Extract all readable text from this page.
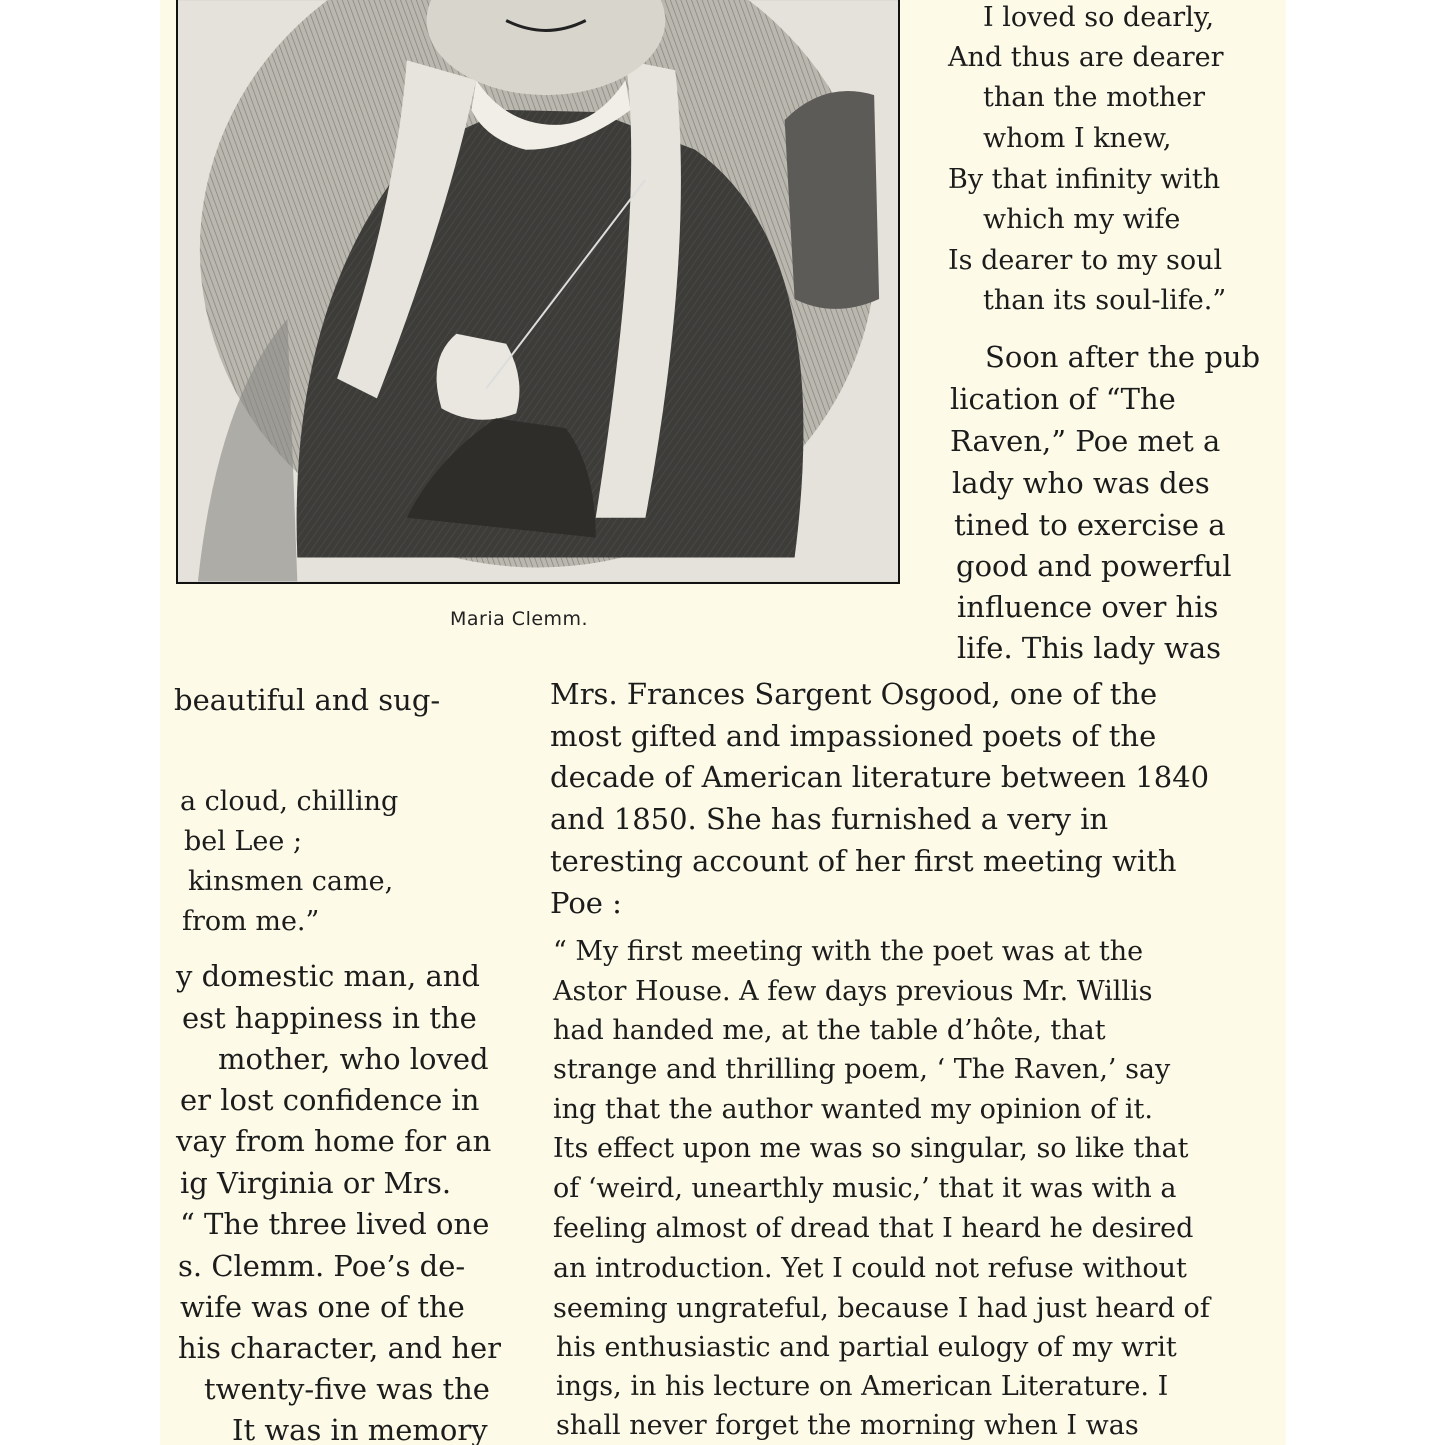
Maria Clemm.
I loved so dearly,
And thus are dearer
than the mother
whom I knew,
By that infinity with
which my wife
Is dearer to my soul
than its soul-life.”
Soon after the pub
lication of “The
Raven,” Poe met a
lady who was des
tined to exercise a
good and powerful
influence over his
life. This lady was
beautiful and sug-
a cloud, chilling
bel Lee ;
kinsmen came,
from me.”
y domestic man, and
est happiness in the
mother, who loved
er lost confidence in
vay from home for an
ig Virginia or Mrs.
“ The three lived one
s. Clemm. Poe’s de-
wife was one of the
his character, and her
twenty-five was the
It was in memory
Mrs. Frances Sargent Osgood, one of the
most gifted and impassioned poets of the
decade of American literature between 1840
and 1850. She has furnished a very in
teresting account of her first meeting with
Poe :
“ My first meeting with the poet was at the
Astor House. A few days previous Mr. Willis
had handed me, at the table d’hôte, that
strange and thrilling poem, ‘ The Raven,’ say
ing that the author wanted my opinion of it.
Its effect upon me was so singular, so like that
of ‘weird, unearthly music,’ that it was with a
feeling almost of dread that I heard he desired
an introduction. Yet I could not refuse without
seeming ungrateful, because I had just heard of
his enthusiastic and partial eulogy of my writ
ings, in his lecture on American Literature. I
shall never forget the morning when I was
